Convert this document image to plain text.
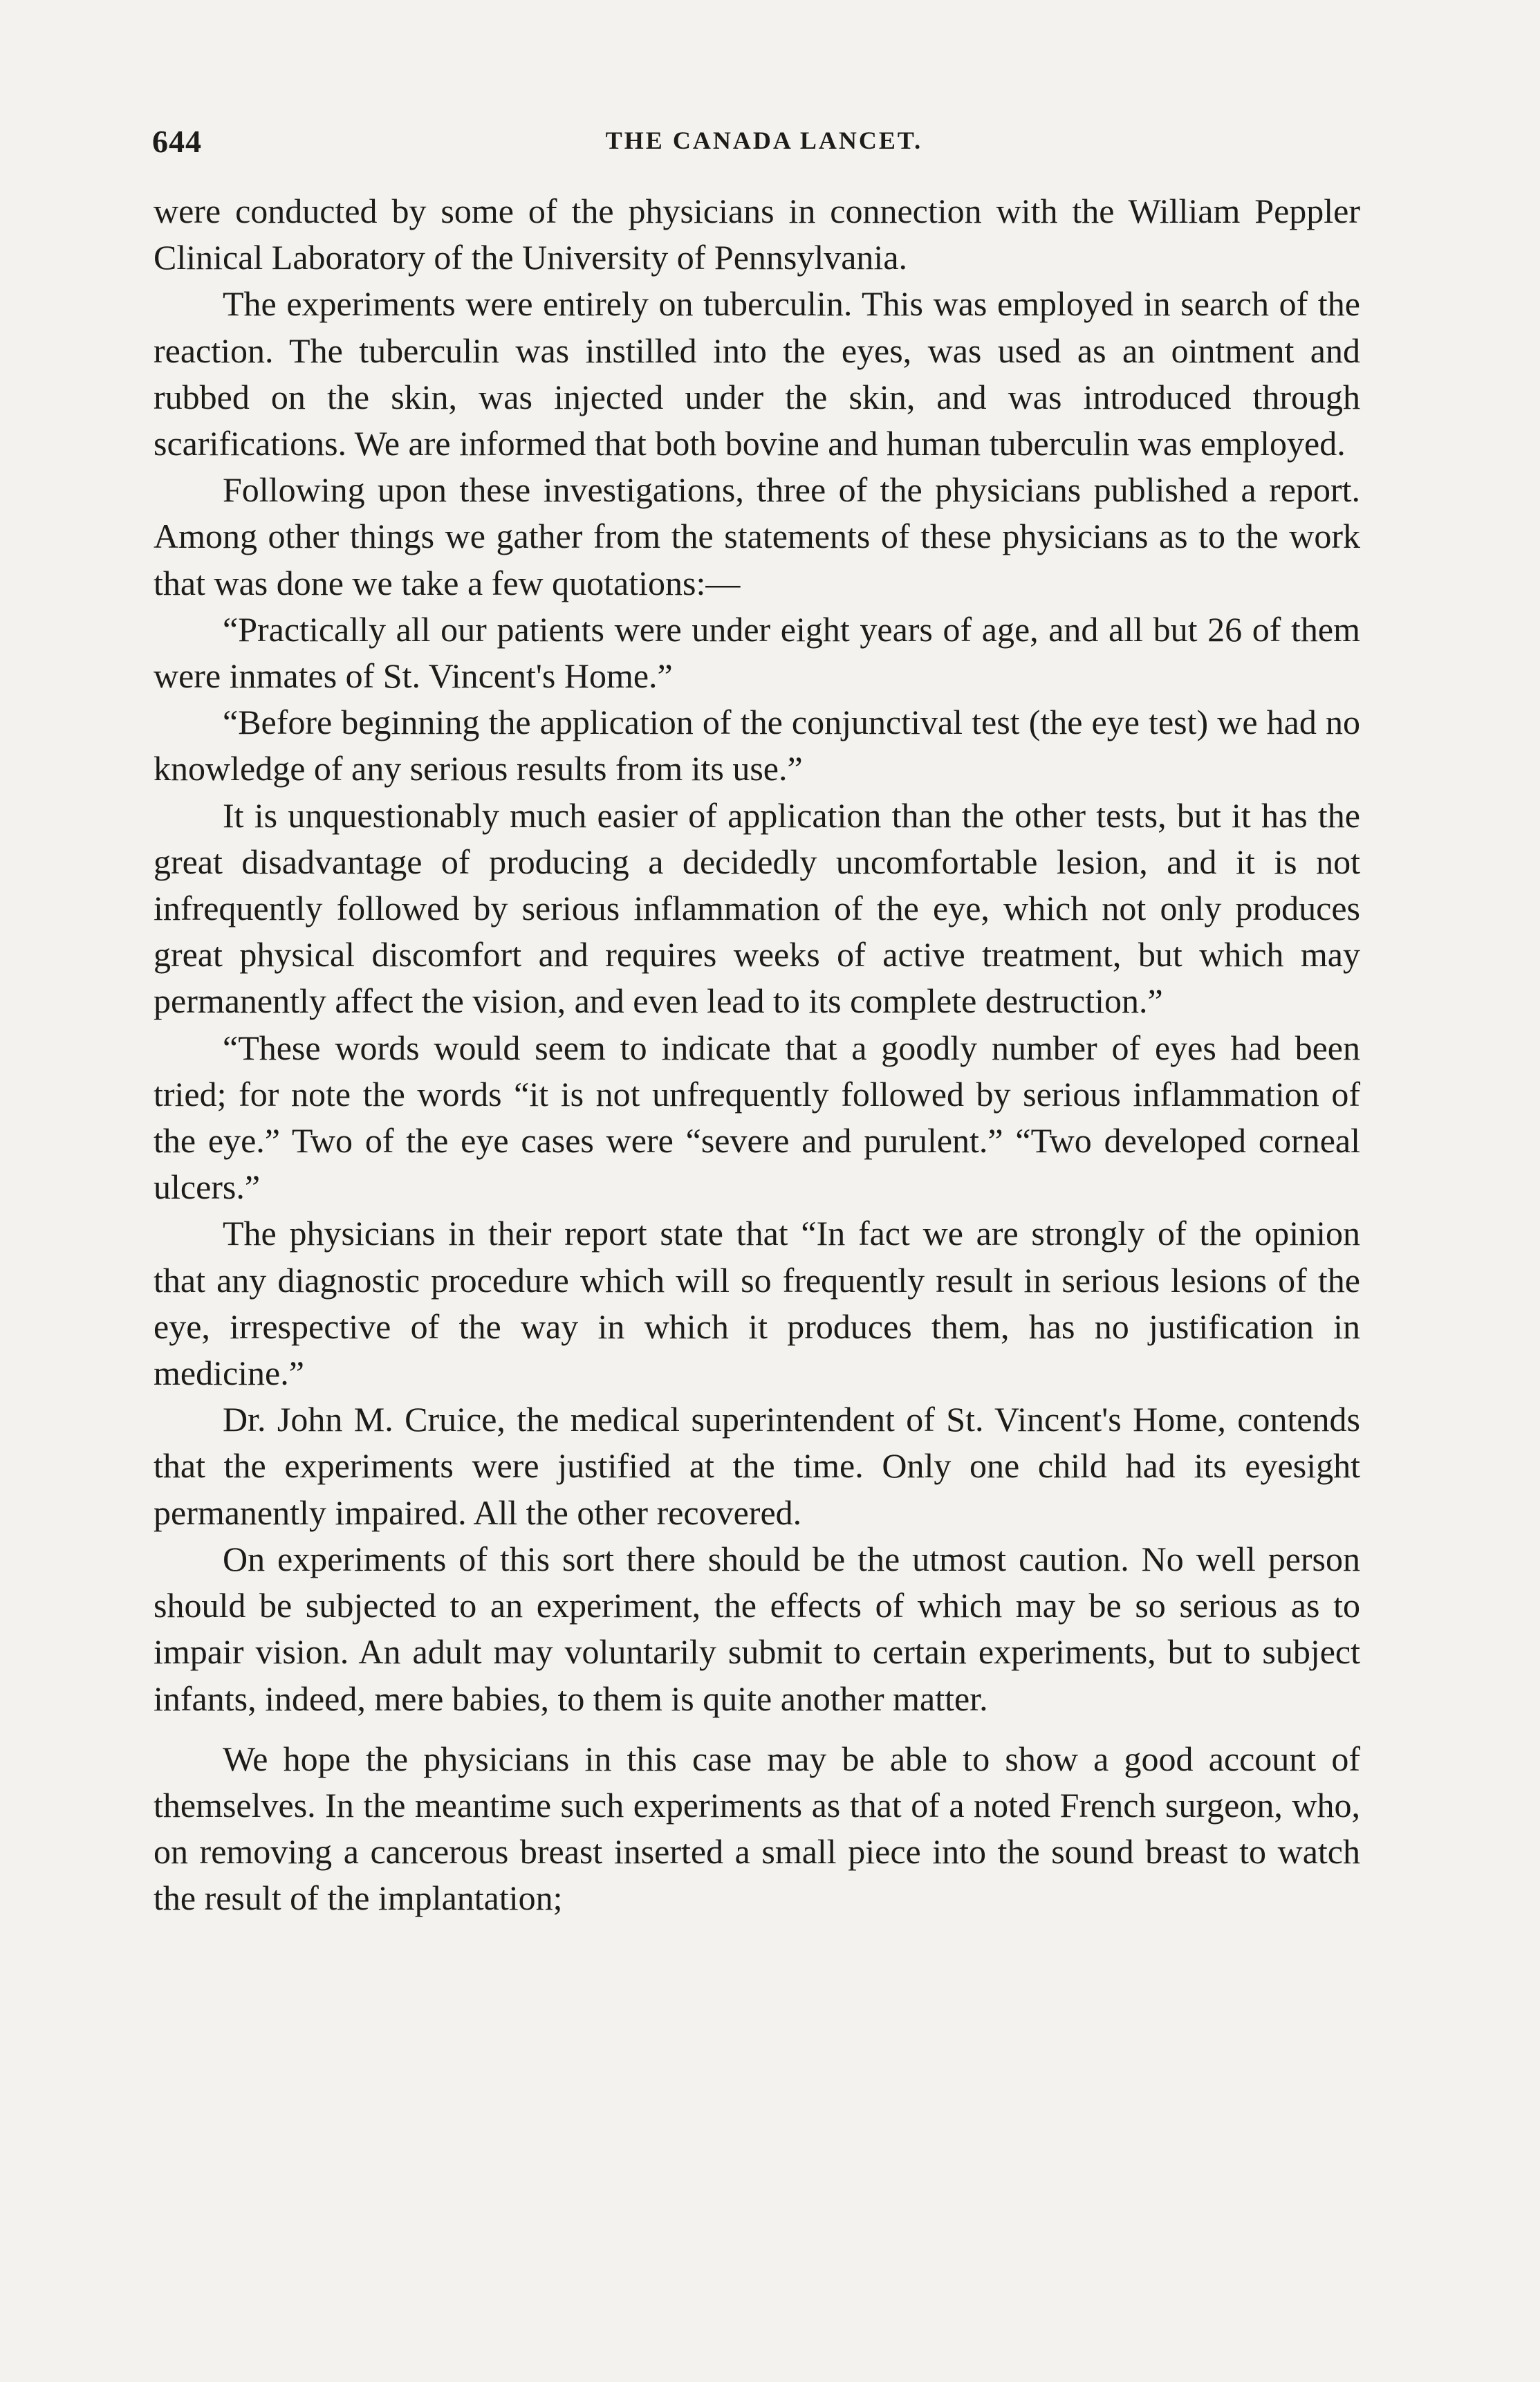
644	THE CANADA LANCET.

were conducted by some of the physicians in connection with the William Peppler Clinical Laboratory of the University of Pennsylvania.

The experiments were entirely on tuberculin. This was employed in search of the reaction. The tuberculin was instilled into the eyes, was used as an ointment and rubbed on the skin, was injected under the skin, and was introduced through scarifications. We are informed that both bovine and human tuberculin was employed.

Following upon these investigations, three of the physicians published a report. Among other things we gather from the statements of these physicians as to the work that was done we take a few quotations:—

“Practically all our patients were under eight years of age, and all but 26 of them were inmates of St. Vincent's Home.”

“Before beginning the application of the conjunctival test (the eye test) we had no knowledge of any serious results from its use.”

It is unquestionably much easier of application than the other tests, but it has the great disadvantage of producing a decidedly uncomfortable lesion, and it is not infrequently followed by serious inflammation of the eye, which not only produces great physical discomfort and requires weeks of active treatment, but which may permanently affect the vision, and even lead to its complete destruction.”

“These words would seem to indicate that a goodly number of eyes had been tried; for note the words “it is not unfrequently followed by serious inflammation of the eye.” Two of the eye cases were “severe and purulent.” “Two developed corneal ulcers.”

The physicians in their report state that “In fact we are strongly of the opinion that any diagnostic procedure which will so frequently result in serious lesions of the eye, irrespective of the way in which it produces them, has no justification in medicine.”

Dr. John M. Cruice, the medical superintendent of St. Vincent's Home, contends that the experiments were justified at the time. Only one child had its eyesight permanently impaired. All the other recovered.

On experiments of this sort there should be the utmost caution. No well person should be subjected to an experiment, the effects of which may be so serious as to impair vision. An adult may voluntarily submit to certain experiments, but to subject infants, indeed, mere babies, to them is quite another matter.

We hope the physicians in this case may be able to show a good account of themselves. In the meantime such experiments as that of a noted French surgeon, who, on removing a cancerous breast inserted a small piece into the sound breast to watch the result of the implantation;
